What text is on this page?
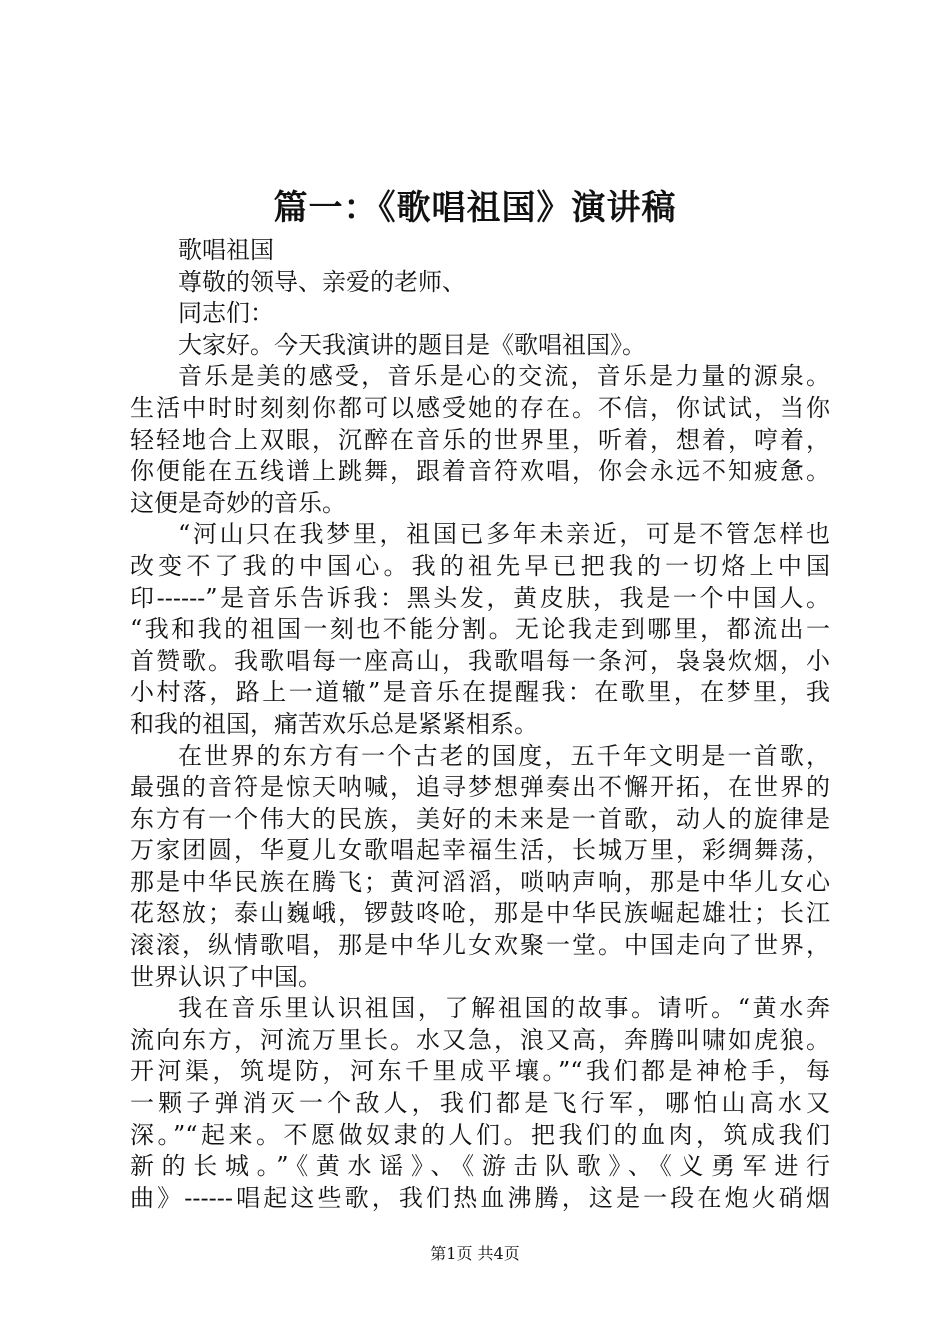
篇一：《歌唱祖国》演讲稿
歌唱祖国
尊敬的领导、亲爱的老师、
同志们：
大家好。今天我演讲的题目是《歌唱祖国》。
音乐是美的感受，音乐是心的交流，音乐是力量的源泉。
生活中时时刻刻你都可以感受她的存在。不信，你试试，当你
轻轻地合上双眼，沉醉在音乐的世界里，听着，想着，哼着，
你便能在五线谱上跳舞，跟着音符欢唱，你会永远不知疲惫。
这便是奇妙的音乐。
“河山只在我梦里，祖国已多年未亲近，可是不管怎样也
改变不了我的中国心。我的祖先早已把我的一切烙上中国
印------”是音乐告诉我：黑头发，黄皮肤，我是一个中国人。
“我和我的祖国一刻也不能分割。无论我走到哪里，都流出一
首赞歌。我歌唱每一座高山，我歌唱每一条河，袅袅炊烟，小
小村落，路上一道辙”是音乐在提醒我：在歌里，在梦里，我
和我的祖国，痛苦欢乐总是紧紧相系。
在世界的东方有一个古老的国度，五千年文明是一首歌，
最强的音符是惊天呐喊，追寻梦想弹奏出不懈开拓，在世界的
东方有一个伟大的民族，美好的未来是一首歌，动人的旋律是
万家团圆，华夏儿女歌唱起幸福生活，长城万里，彩绸舞荡，
那是中华民族在腾飞；黄河滔滔，唢呐声响，那是中华儿女心
花怒放；泰山巍峨，锣鼓咚呛，那是中华民族崛起雄壮；长江
滚滚，纵情歌唱，那是中华儿女欢聚一堂。中国走向了世界，
世界认识了中国。
我在音乐里认识祖国，了解祖国的故事。请听。“黄水奔
流向东方，河流万里长。水又急，浪又高，奔腾叫啸如虎狼。
开河渠，筑堤防，河东千里成平壤。”“我们都是神枪手，每
一颗子弹消灭一个敌人，我们都是飞行军，哪怕山高水又
深。”“起来。不愿做奴隶的人们。把我们的血肉，筑成我们
新的长城。”《黄水谣》、《游击队歌》、《义勇军进行
曲》------唱起这些歌，我们热血沸腾，这是一段在炮火硝烟
第1页 共4页
